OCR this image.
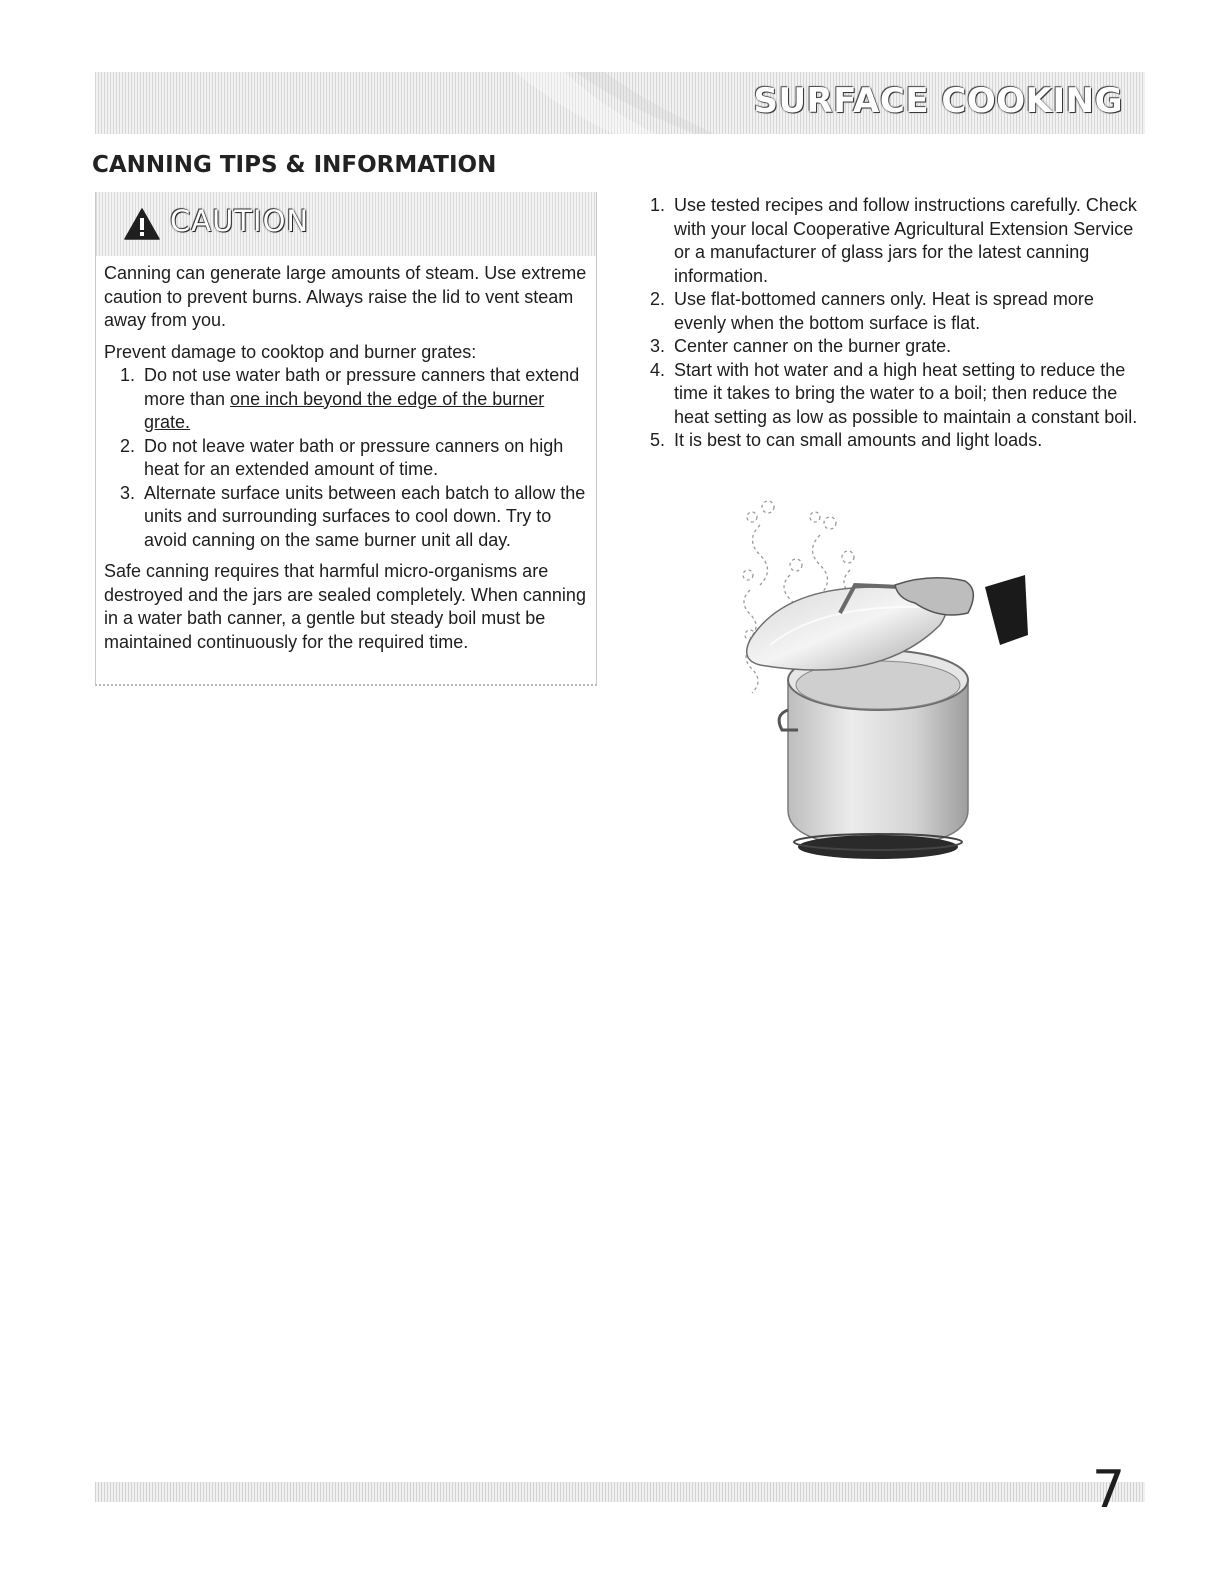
SURFACE COOKING
CANNING TIPS & INFORMATION
CAUTION

Canning can generate large amounts of steam. Use extreme caution to prevent burns. Always raise the lid to vent steam away from you.

Prevent damage to cooktop and burner grates:

1. Do not use water bath or pressure canners that extend more than one inch beyond the edge of the burner grate.
2. Do not leave water bath or pressure canners on high heat for an extended amount of time.
3. Alternate surface units between each batch to allow the units and surrounding surfaces to cool down. Try to avoid canning on the same burner unit all day.

Safe canning requires that harmful micro-organisms are destroyed and the jars are sealed completely. When canning in a water bath canner, a gentle but steady boil must be maintained continuously for the required time.

1. Use tested recipes and follow instructions carefully. Check with your local Cooperative Agricultural Extension Service or a manufacturer of glass jars for the latest canning information.
2. Use flat-bottomed canners only. Heat is spread more evenly when the bottom surface is flat.
3. Center canner on the burner grate.
4. Start with hot water and a high heat setting to reduce the time it takes to bring the water to a boil; then reduce the heat setting as low as possible to maintain a constant boil.
5. It is best to can small amounts and light loads.

7
